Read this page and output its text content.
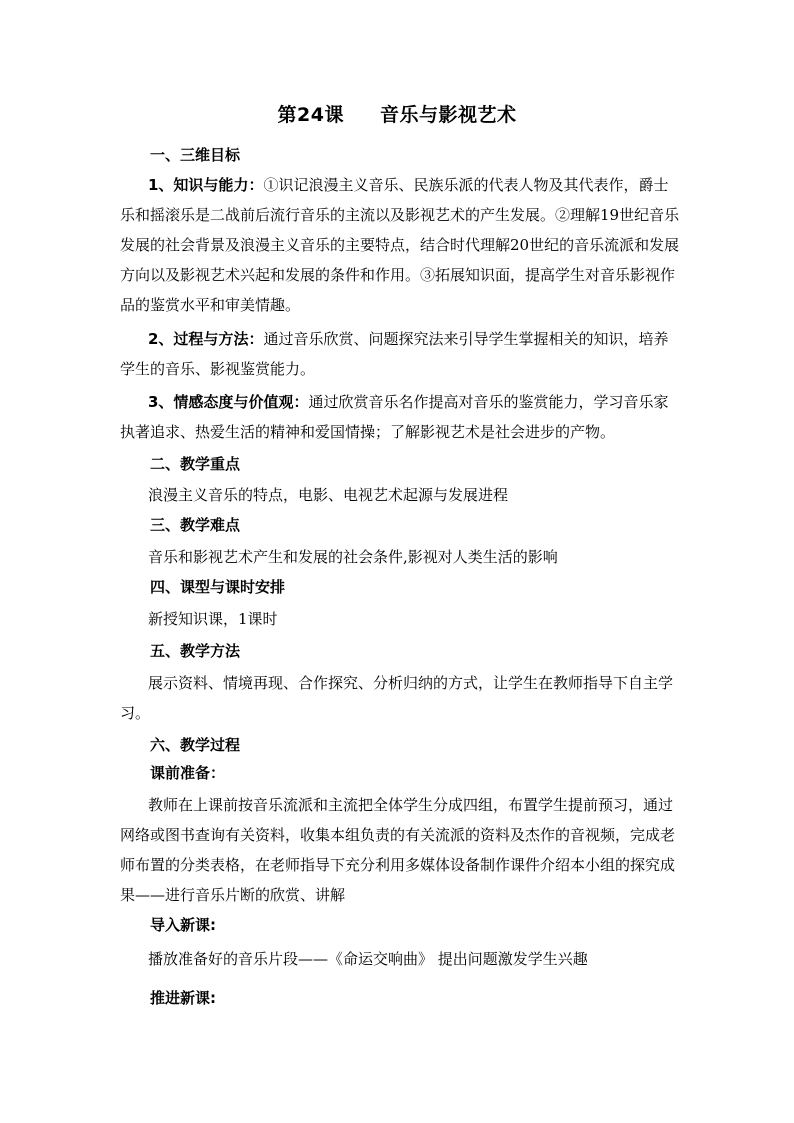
第24课 音乐与影视艺术
一、三维目标
1、知识与能力：①识记浪漫主义音乐、民族乐派的代表人物及其代表作，爵士乐和摇滚乐是二战前后流行音乐的主流以及影视艺术的产生发展。②理解19世纪音乐发展的社会背景及浪漫主义音乐的主要特点，结合时代理解20世纪的音乐流派和发展方向以及影视艺术兴起和发展的条件和作用。③拓展知识面，提高学生对音乐影视作品的鉴赏水平和审美情趣。
2、过程与方法：通过音乐欣赏、问题探究法来引导学生掌握相关的知识，培养学生的音乐、影视鉴赏能力。
3、情感态度与价值观：通过欣赏音乐名作提高对音乐的鉴赏能力，学习音乐家执著追求、热爱生活的精神和爱国情操；了解影视艺术是社会进步的产物。
二、教学重点
浪漫主义音乐的特点，电影、电视艺术起源与发展进程
三、教学难点
音乐和影视艺术产生和发展的社会条件,影视对人类生活的影响
四、课型与课时安排
新授知识课，1课时
五、教学方法
展示资料、情境再现、合作探究、分析归纳的方式，让学生在教师指导下自主学习。
六、教学过程
课前准备：
教师在上课前按音乐流派和主流把全体学生分成四组，布置学生提前预习，通过网络或图书查询有关资料，收集本组负责的有关流派的资料及杰作的音视频，完成老师布置的分类表格，在老师指导下充分利用多媒体设备制作课件介绍本小组的探究成果——进行音乐片断的欣赏、讲解
导入新课:
播放准备好的音乐片段——《命运交响曲》 提出问题激发学生兴趣
推进新课:
